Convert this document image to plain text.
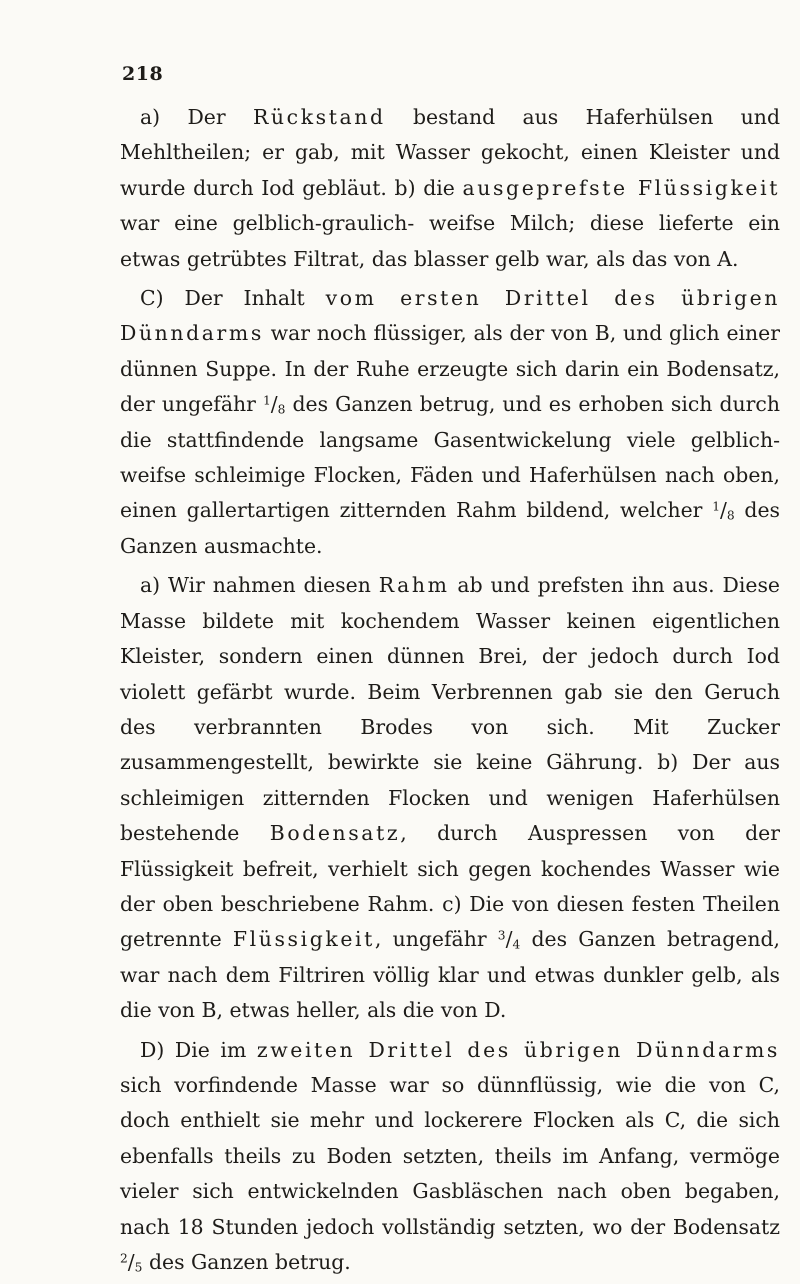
218

a) Der Rückstand bestand aus Haferhülsen und Mehltheilen; er gab, mit Wasser gekocht, einen Kleister und wurde durch Iod gebläut. b) die ausgeprefste Flüssigkeit war eine gelblich-graulich- weifse Milch; diese lieferte ein etwas getrübtes Filtrat, das blasser gelb war, als das von A.

C) Der Inhalt vom ersten Drittel des übrigen Dünndarms war noch flüssiger, als der von B, und glich einer dünnen Suppe. In der Ruhe erzeugte sich darin ein Bodensatz, der ungefähr $^1/_8$ des Ganzen betrug, und es erhoben sich durch die stattfindende langsame Gasentwickelung viele gelblich-weifse schleimige Flocken, Fäden und Haferhülsen nach oben, einen gallertartigen zitternden Rahm bildend, welcher $^1/_8$ des Ganzen ausmachte.

a) Wir nahmen diesen Rahm ab und prefsten ihn aus. Diese Masse bildete mit kochendem Wasser keinen eigentlichen Kleister, sondern einen dünnen Brei, der jedoch durch Iod violett gefärbt wurde. Beim Verbrennen gab sie den Geruch des verbrannten Brodes von sich. Mit Zucker zusammengestellt, bewirkte sie keine Gährung. b) Der aus schleimigen zitternden Flocken und wenigen Haferhülsen bestehende Bodensatz, durch Auspressen von der Flüssigkeit befreit, verhielt sich gegen kochendes Wasser wie der oben beschriebene Rahm. c) Die von diesen festen Theilen getrennte Flüssigkeit, ungefähr $^3/_4$ des Ganzen betragend, war nach dem Filtriren völlig klar und etwas dunkler gelb, als die von B, etwas heller, als die von D.

D) Die im zweiten Drittel des übrigen Dünndarms sich vorfindende Masse war so dünnflüssig, wie die von C, doch enthielt sie mehr und lockerere Flocken als C, die sich ebenfalls theils zu Boden setzten, theils im Anfang, vermöge vieler sich entwickelnden Gasbläschen nach oben begaben, nach 18 Stunden jedoch vollständig setzten, wo der Bodensatz $^2/_5$ des Ganzen betrug.
